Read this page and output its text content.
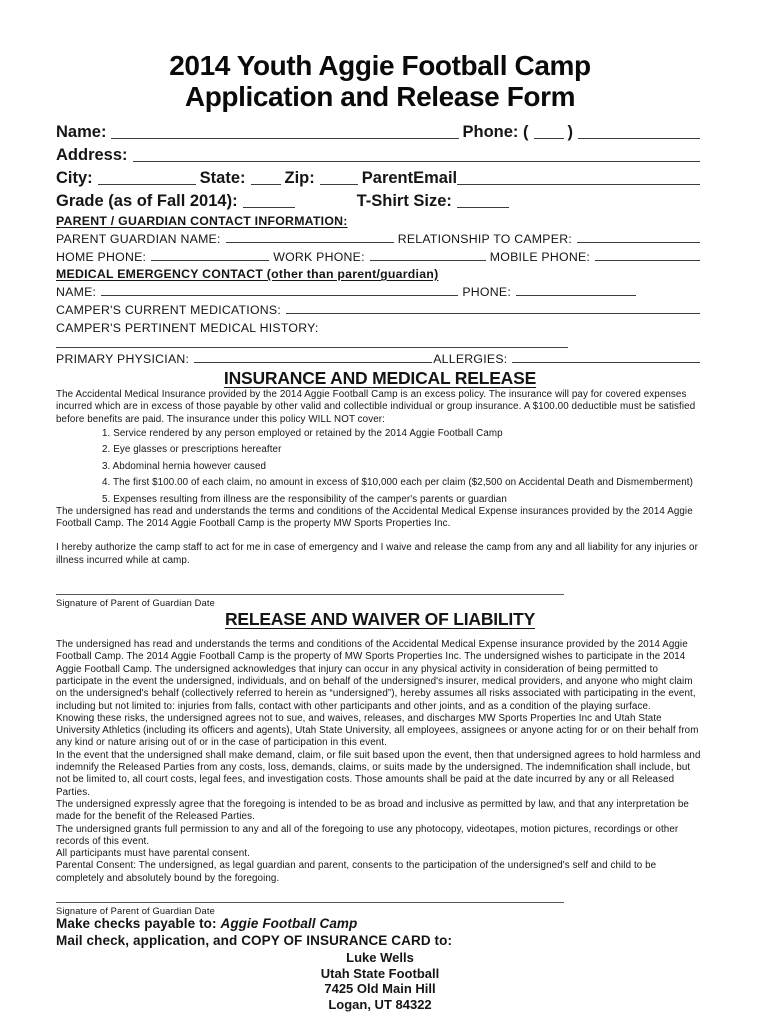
2014 Youth Aggie Football Camp
Application and Release Form
Name:	Phone: ( )
Address:
City:	State: Zip:	ParentEmail
Grade (as of Fall 2014):	T-Shirt Size:
PARENT / GUARDIAN CONTACT INFORMATION:
PARENT GUARDIAN NAME:	RELATIONSHIP TO CAMPER:
HOME PHONE:	WORK PHONE:	MOBILE PHONE:
MEDICAL EMERGENCY CONTACT (other than parent/guardian)
NAME:	PHONE:
CAMPER'S CURRENT MEDICATIONS:
CAMPER'S PERTINENT MEDICAL HISTORY:
PRIMARY PHYSICIAN:	ALLERGIES:
INSURANCE AND MEDICAL RELEASE

The Accidental Medical Insurance provided by the 2014 Aggie Football Camp is an excess policy. The insurance will pay for covered expenses incurred which are in excess of those payable by other valid and collectible individual or group insurance. A $100.00 deductible must be satisfied before benefits are paid. The insurance under this policy WILL NOT cover:

1. Service rendered by any person employed or retained by the 2014 Aggie Football Camp
2. Eye glasses or prescriptions hereafter
3. Abdominal hernia however caused
4. The first $100.00 of each claim, no amount in excess of $10,000 each per claim ($2,500 on Accidental Death and Dismemberment)
5. Expenses resulting from illness are the responsibility of the camper's parents or guardian

The undersigned has read and understands the terms and conditions of the Accidental Medical Expense insurances provided by the 2014 Aggie Football Camp. The 2014 Aggie Football Camp is the property MW Sports Properties Inc.

I hereby authorize the camp staff to act for me in case of emergency and I waive and release the camp from any and all liability for any injuries or illness incurred while at camp.

Signature of Parent of Guardian Date
RELEASE AND WAIVER OF LIABILITY

The undersigned has read and understands the terms and conditions of the Accidental Medical Expense insurance provided by the 2014 Aggie Football Camp. The 2014 Aggie Football Camp is the property of MW Sports Properties Inc. The undersigned wishes to participate in the 2014 Aggie Football Camp. The undersigned acknowledges that injury can occur in any physical activity in consideration of being permitted to participate in the event the undersigned, individuals, and on behalf of the undersigned's insurer, medical providers, and anyone who might claim on the undersigned's behalf (collectively referred to herein as “undersigned”), hereby assumes all risks associated with participating in the event, including but not limited to: injuries from falls, contact with other participants and other joints, and as a condition of the playing surface.

Knowing these risks, the undersigned agrees not to sue, and waives, releases, and discharges MW Sports Properties Inc and Utah State University Athletics (including its officers and agents), Utah State University, all employees, assignees or anyone acting for or on their behalf from any kind or nature arising out of or in the case of participation in this event.

In the event that the undersigned shall make demand, claim, or file suit based upon the event, then that undersigned agrees to hold harmless and indemnify the Released Parties from any costs, loss, demands, claims, or suits made by the undersigned. The indemnification shall include, but not be limited to, all court costs, legal fees, and investigation costs. Those amounts shall be paid at the date incurred by any or all Released Parties.

The undersigned expressly agree that the foregoing is intended to be as broad and inclusive as permitted by law, and that any interpretation be made for the benefit of the Released Parties.

The undersigned grants full permission to any and all of the foregoing to use any photocopy, videotapes, motion pictures, recordings or other records of this event.

All participants must have parental consent.

Parental Consent: The undersigned, as legal guardian and parent, consents to the participation of the undersigned's self and child to be completely and absolutely bound by the foregoing.

Signature of Parent of Guardian Date
Make checks payable to: Aggie Football Camp
Mail check, application, and COPY OF INSURANCE CARD to:
Luke Wells
Utah State Football
7425 Old Main Hill
Logan, UT 84322
